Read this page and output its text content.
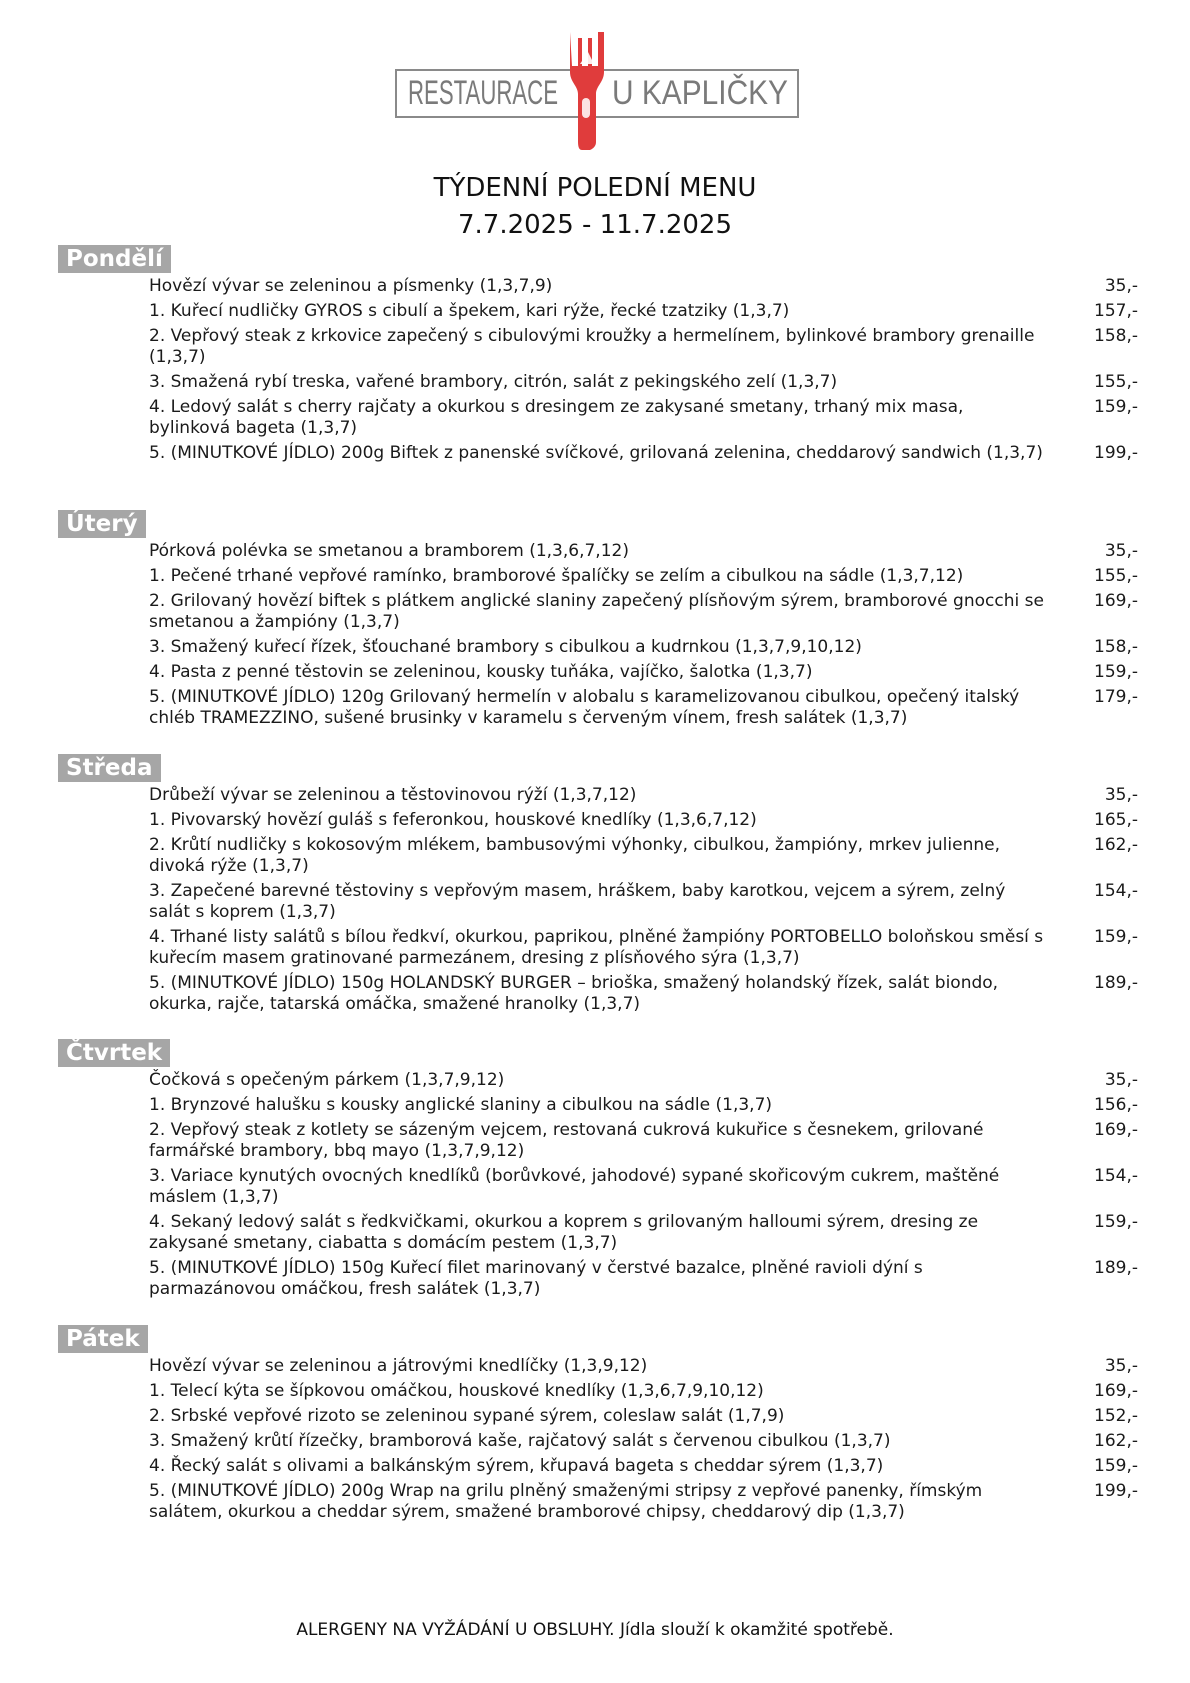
RESTAURACE U KAPLIČKY
TÝDENNÍ POLEDNÍ MENU
7.7.2025 - 11.7.2025
Pondělí
Hovězí vývar se zeleninou a písmenky (1,3,7,9)	35,-
1. Kuřecí nudličky GYROS s cibulí a špekem, kari rýže, řecké tzatziky (1,3,7)	157,-
2. Vepřový steak z krkovice zapečený s cibulovými kroužky a hermelínem, bylinkové brambory grenaille (1,3,7)
158,-
3. Smažená rybí treska, vařené brambory, citrón, salát z pekingského zelí (1,3,7)	155,-
4. Ledový salát s cherry rajčaty a okurkou s dresingem ze zakysané smetany, trhaný mix masa, bylinková bageta (1,3,7)
159,-
5. (MINUTKOVÉ JÍDLO) 200g Biftek z panenské svíčkové, grilovaná zelenina, cheddarový sandwich (1,3,7)	199,-
Úterý
Pórková polévka se smetanou a bramborem (1,3,6,7,12)	35,-
1. Pečené trhané vepřové ramínko, bramborové špalíčky se zelím a cibulkou na sádle (1,3,7,12)	155,-
2. Grilovaný hovězí biftek s plátkem anglické slaniny zapečený plísňovým sýrem, bramborové gnocchi se smetanou a žampióny (1,3,7)
169,-
3. Smažený kuřecí řízek, šťouchané brambory s cibulkou a kudrnkou (1,3,7,9,10,12)	158,-
4. Pasta z penné těstovin se zeleninou, kousky tuňáka, vajíčko, šalotka (1,3,7)	159,-
5. (MINUTKOVÉ JÍDLO) 120g Grilovaný hermelín v alobalu s karamelizovanou cibulkou, opečený italský chléb TRAMEZZINO, sušené brusinky v karamelu s červeným vínem, fresh salátek (1,3,7)
179,-
Středa
Drůbeží vývar se zeleninou a těstovinovou rýží (1,3,7,12)	35,-
1. Pivovarský hovězí guláš s feferonkou, houskové knedlíky (1,3,6,7,12)	165,-
2. Krůtí nudličky s kokosovým mlékem, bambusovými výhonky, cibulkou, žampióny, mrkev julienne, divoká rýže (1,3,7)
162,-
3. Zapečené barevné těstoviny s vepřovým masem, hráškem, baby karotkou, vejcem a sýrem, zelný salát s koprem (1,3,7)
154,-
4. Trhané listy salátů s bílou ředkví, okurkou, paprikou, plněné žampióny PORTOBELLO boloňskou směsí s kuřecím masem gratinované parmezánem, dresing z plísňového sýra (1,3,7)
159,-
5. (MINUTKOVÉ JÍDLO) 150g HOLANDSKÝ BURGER – brioška, smažený holandský řízek, salát biondo, okurka, rajče, tatarská omáčka, smažené hranolky (1,3,7)
189,-
Čtvrtek
Čočková s opečeným párkem (1,3,7,9,12)	35,-
1. Brynzové halušku s kousky anglické slaniny a cibulkou na sádle (1,3,7)	156,-
2. Vepřový steak z kotlety se sázeným vejcem, restovaná cukrová kukuřice s česnekem, grilované farmářské brambory, bbq mayo (1,3,7,9,12)
169,-
3. Variace kynutých ovocných knedlíků (borůvkové, jahodové) sypané skořicovým cukrem, maštěné máslem (1,3,7)
154,-
4. Sekaný ledový salát s ředkvičkami, okurkou a koprem s grilovaným halloumi sýrem, dresing ze zakysané smetany, ciabatta s domácím pestem (1,3,7)
159,-
5. (MINUTKOVÉ JÍDLO) 150g Kuřecí filet marinovaný v čerstvé bazalce, plněné ravioli dýní s parmazánovou omáčkou, fresh salátek (1,3,7)
189,-
Pátek
Hovězí vývar se zeleninou a játrovými knedlíčky (1,3,9,12)	35,-
1. Telecí kýta se šípkovou omáčkou, houskové knedlíky (1,3,6,7,9,10,12)	169,-
2. Srbské vepřové rizoto se zeleninou sypané sýrem, coleslaw salát (1,7,9)	152,-
3. Smažený krůtí řízečky, bramborová kaše, rajčatový salát s červenou cibulkou (1,3,7)	162,-
4. Řecký salát s olivami a balkánským sýrem, křupavá bageta s cheddar sýrem (1,3,7)	159,-
5. (MINUTKOVÉ JÍDLO) 200g Wrap na grilu plněný smaženými stripsy z vepřové panenky, římským salátem, okurkou a cheddar sýrem, smažené bramborové chipsy, cheddarový dip (1,3,7)
199,-
ALERGENY NA VYŽÁDÁNÍ U OBSLUHY. Jídla slouží k okamžité spotřebě.
